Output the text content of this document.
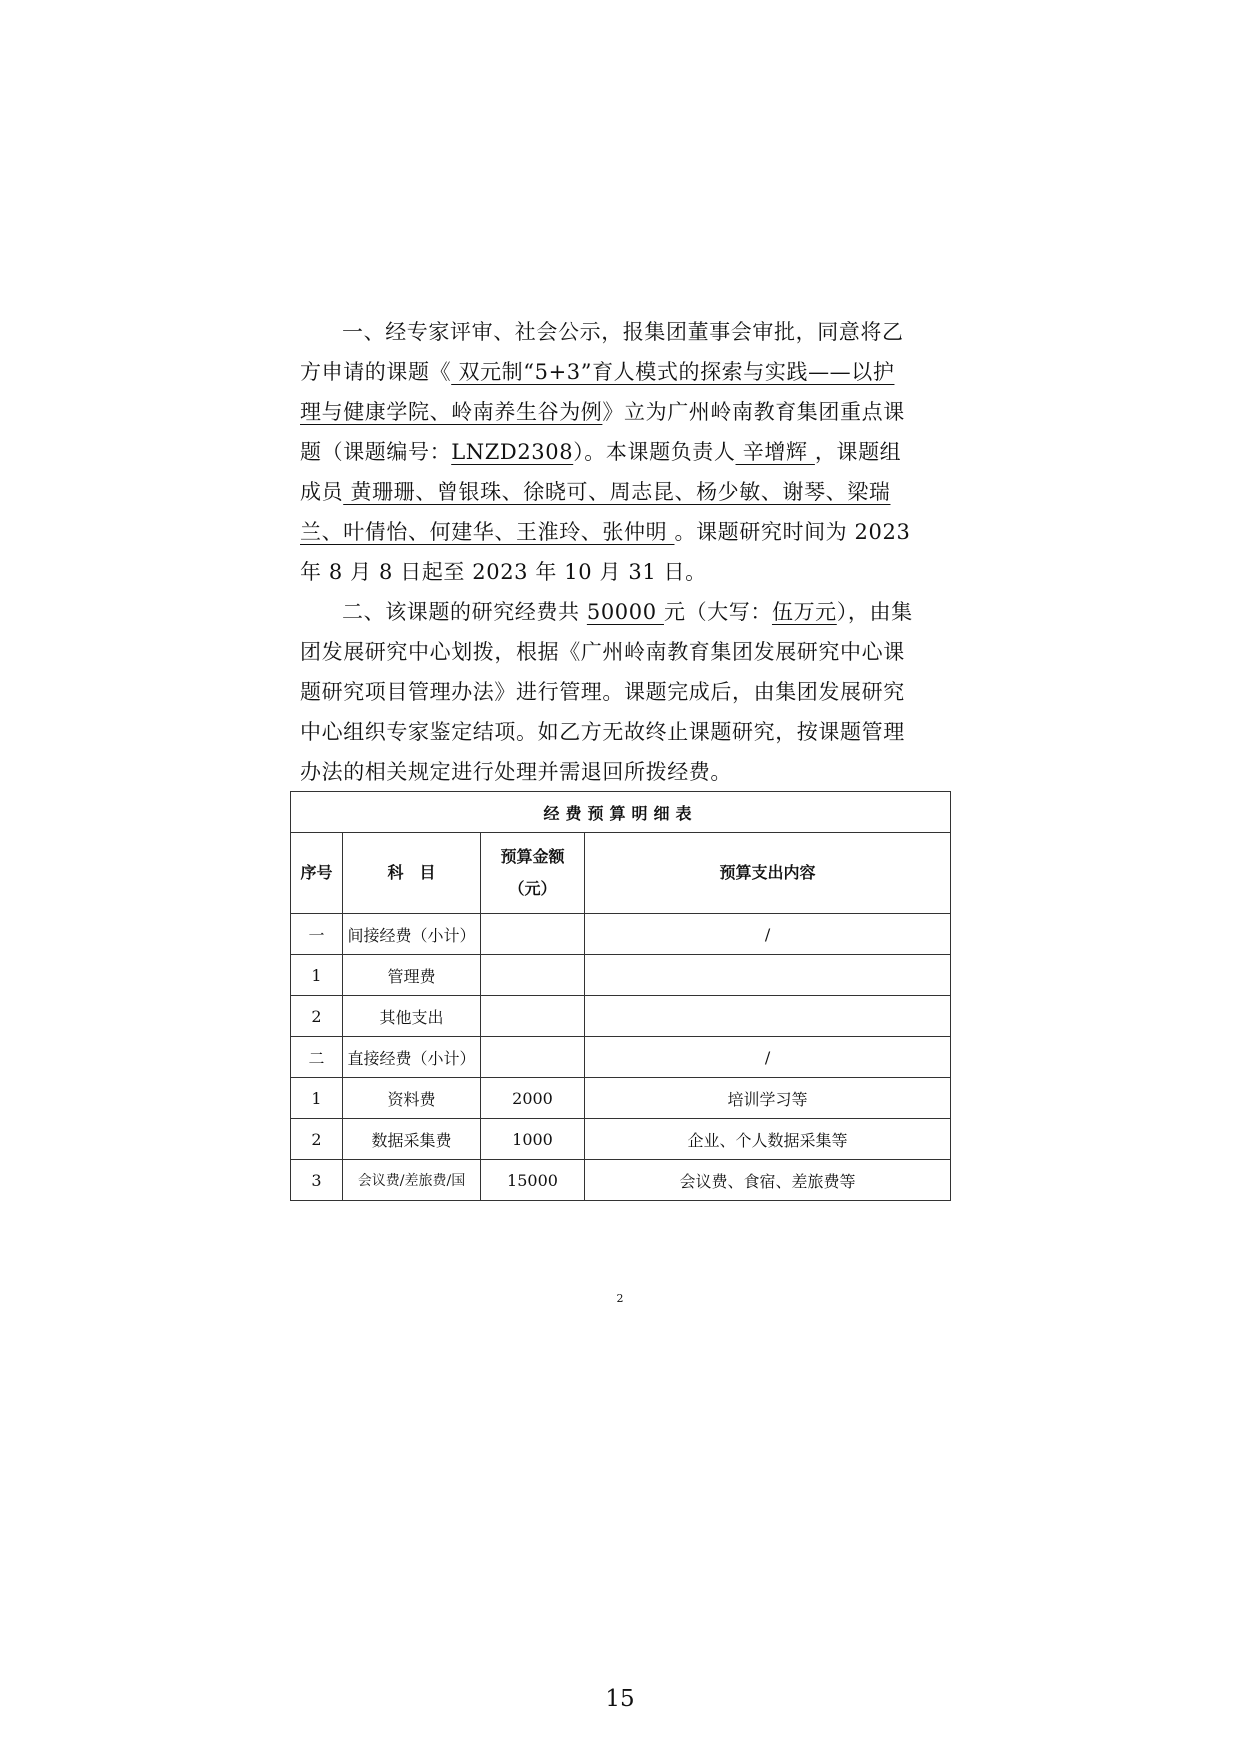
一、经专家评审、社会公示，报集团董事会审批，同意将乙
方申请的课题《 双元制“5+3”育人模式的探索与实践——以护
理与健康学院、岭南养生谷为例》立为广州岭南教育集团重点课
题（课题编号：LNZD2308）。本课题负责人 辛增辉 ，课题组
成员 黄珊珊、曾银珠、徐晓可、周志昆、杨少敏、谢琴、梁瑞
兰、叶倩怡、何建华、王淮玲、张仲明 。课题研究时间为 2023
年 8 月 8 日起至 2023 年 10 月 31 日。
二、该课题的研究经费共 50000 元（大写：伍万元），由集
团发展研究中心划拨，根据《广州岭南教育集团发展研究中心课
题研究项目管理办法》进行管理。课题完成后，由集团发展研究
中心组织专家鉴定结项。如乙方无故终止课题研究，按课题管理
办法的相关规定进行处理并需退回所拨经费。
经费预算明细表			
序号	科　目	预算金额
（元）	预算支出内容
一	间接经费（小计）		/
1	管理费		
2	其他支出		
二	直接经费（小计）		/
1	资料费	2000	培训学习等
2	数据采集费	1000	企业、个人数据采集等
3	会议费/差旅费/国	15000	会议费、食宿、差旅费等
2
15
